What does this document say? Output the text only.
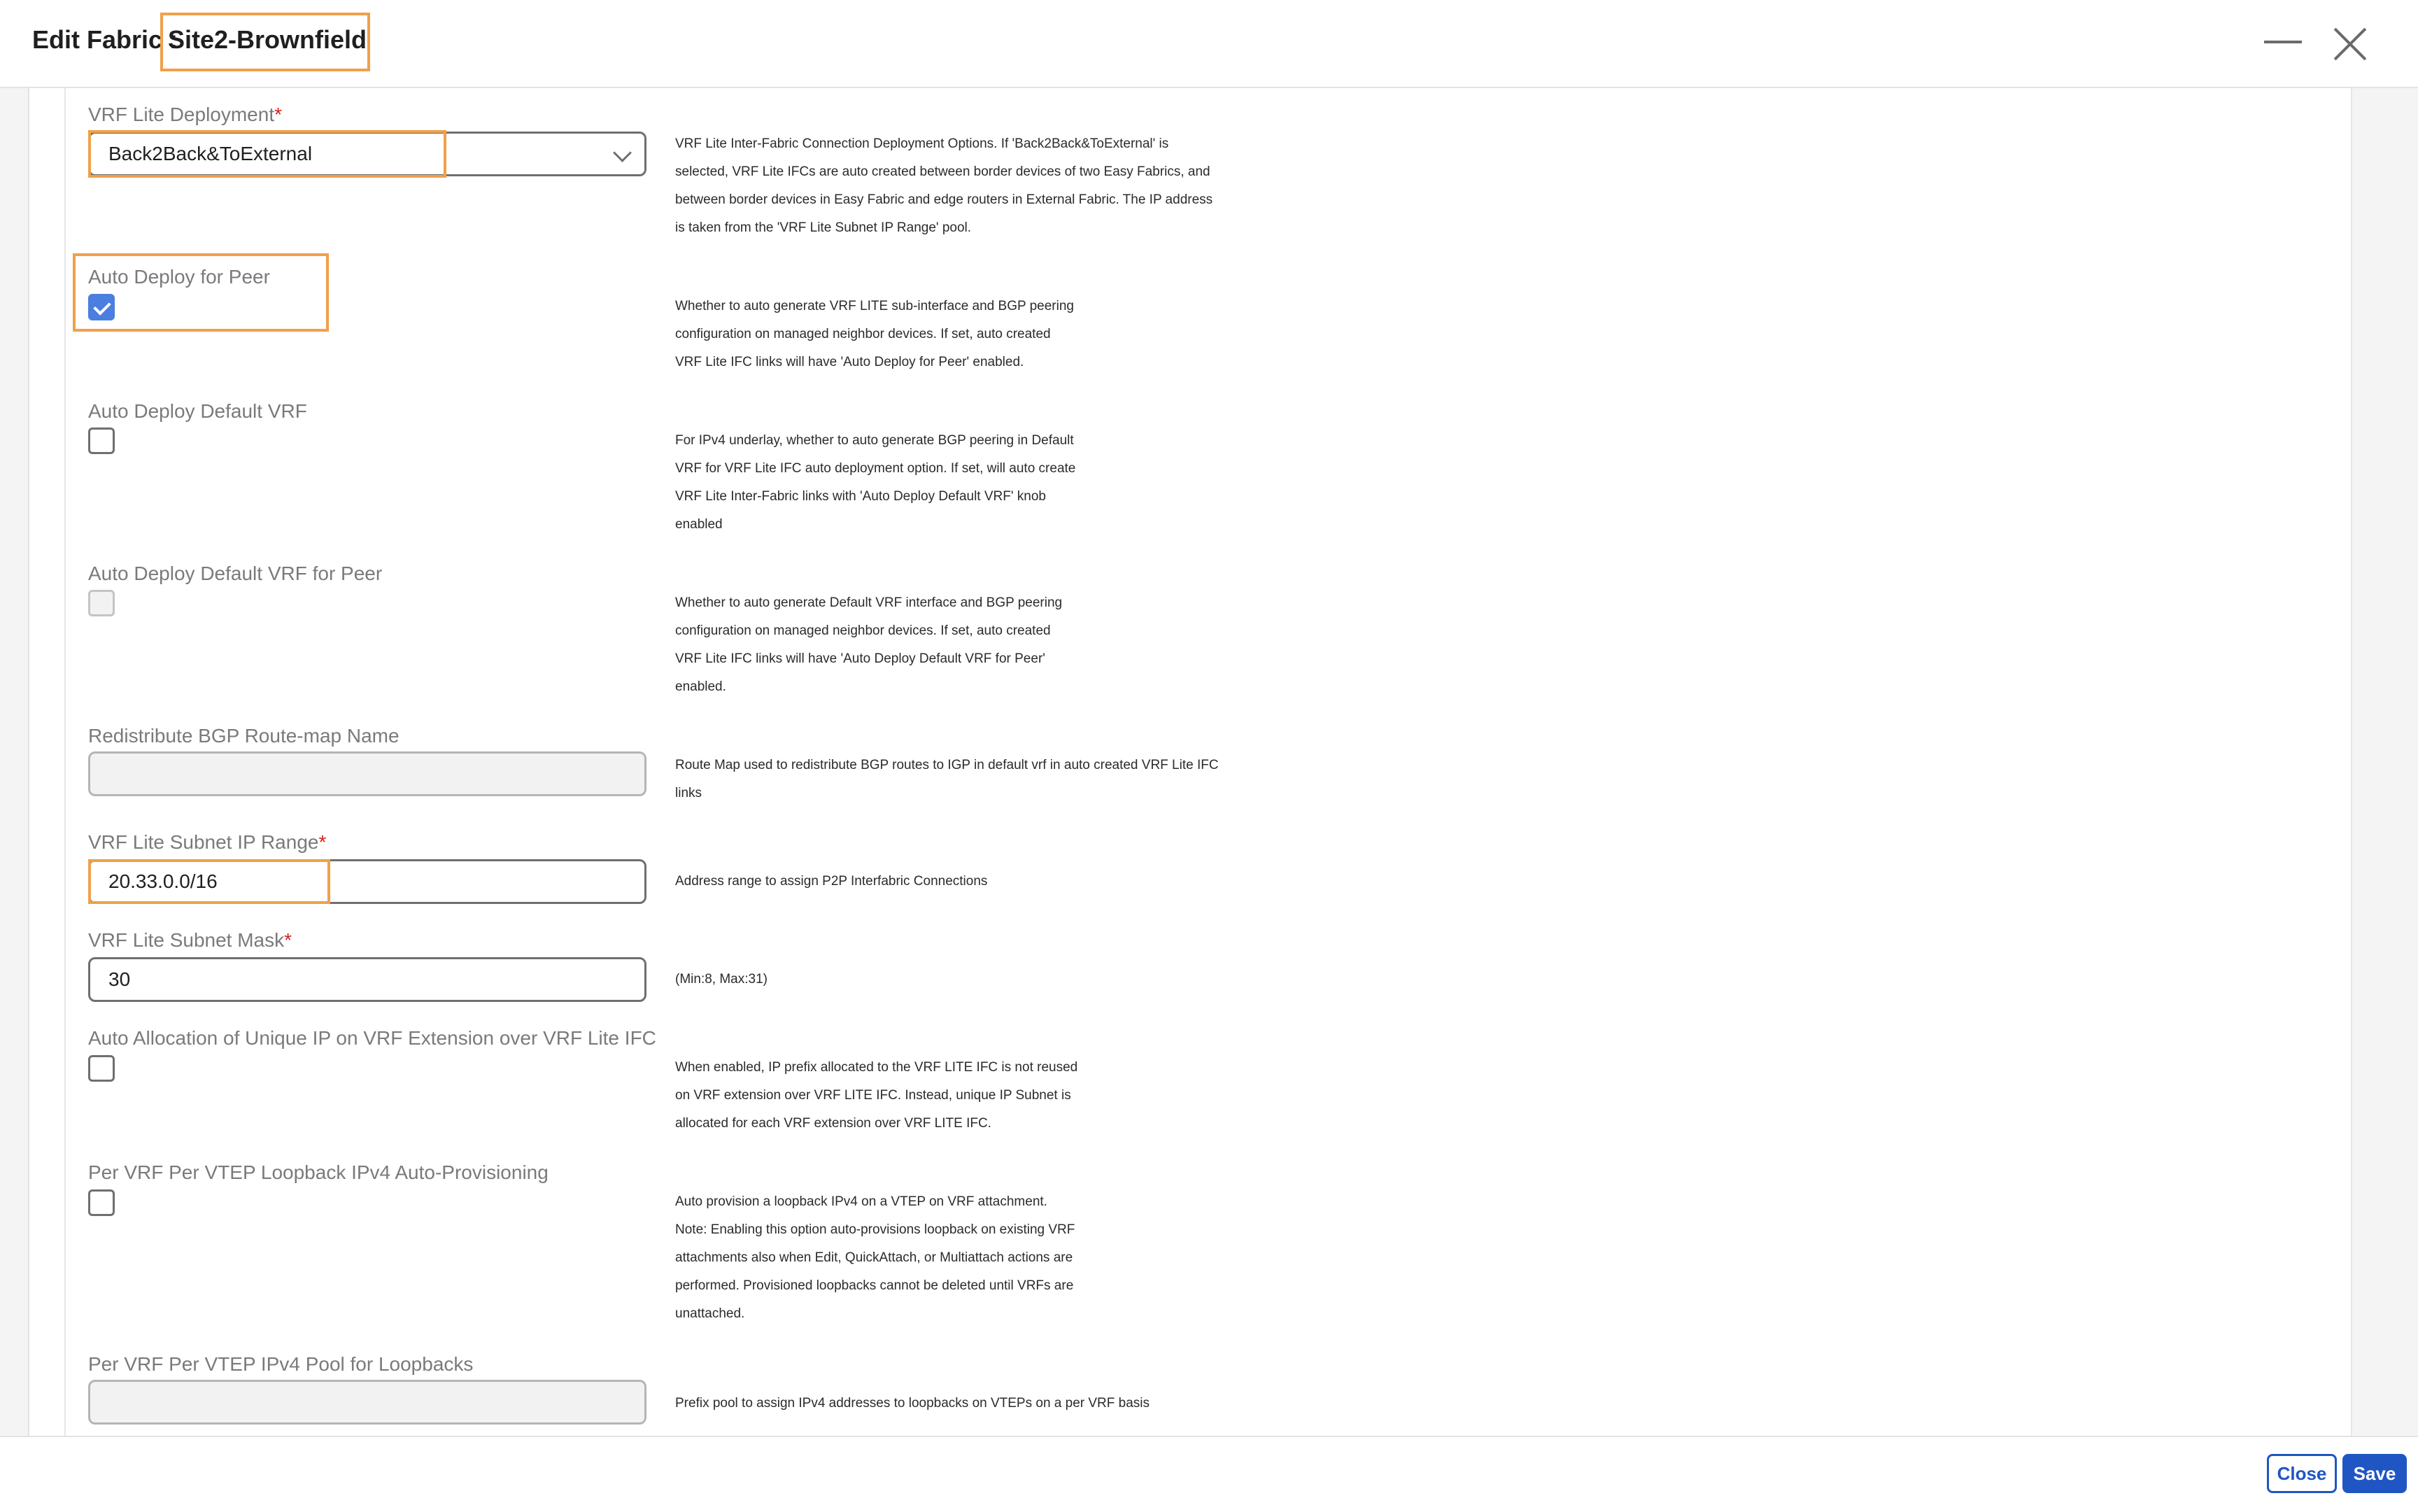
Edit Fabric :
Site2-Brownfield
VRF Lite Deployment*
Back2Back&ToExternal	VRF Lite Inter-Fabric Connection Deployment Options. If 'Back2Back&ToExternal' is
selected, VRF Lite IFCs are auto created between border devices of two Easy Fabrics, and
between border devices in Easy Fabric and edge routers in External Fabric. The IP address
is taken from the 'VRF Lite Subnet IP Range' pool.
Auto Deploy for Peer
Whether to auto generate VRF LITE sub-interface and BGP peering
configuration on managed neighbor devices. If set, auto created
VRF Lite IFC links will have 'Auto Deploy for Peer' enabled.
Auto Deploy Default VRF
For IPv4 underlay, whether to auto generate BGP peering in Default
VRF for VRF Lite IFC auto deployment option. If set, will auto create
VRF Lite Inter-Fabric links with 'Auto Deploy Default VRF' knob
enabled
Auto Deploy Default VRF for Peer
Whether to auto generate Default VRF interface and BGP peering
configuration on managed neighbor devices. If set, auto created
VRF Lite IFC links will have 'Auto Deploy Default VRF for Peer'
enabled.
Redistribute BGP Route-map Name
Route Map used to redistribute BGP routes to IGP in default vrf in auto created VRF Lite IFC
links
VRF Lite Subnet IP Range*
20.33.0.0/16	Address range to assign P2P Interfabric Connections
VRF Lite Subnet Mask*
30	(Min:8, Max:31)
Auto Allocation of Unique IP on VRF Extension over VRF Lite IFC
When enabled, IP prefix allocated to the VRF LITE IFC is not reused
on VRF extension over VRF LITE IFC. Instead, unique IP Subnet is
allocated for each VRF extension over VRF LITE IFC.
Per VRF Per VTEP Loopback IPv4 Auto-Provisioning
Auto provision a loopback IPv4 on a VTEP on VRF attachment.
Note: Enabling this option auto-provisions loopback on existing VRF
attachments also when Edit, QuickAttach, or Multiattach actions are
performed. Provisioned loopbacks cannot be deleted until VRFs are
unattached.
Per VRF Per VTEP IPv4 Pool for Loopbacks
Prefix pool to assign IPv4 addresses to loopbacks on VTEPs on a per VRF basis
Close	Save
